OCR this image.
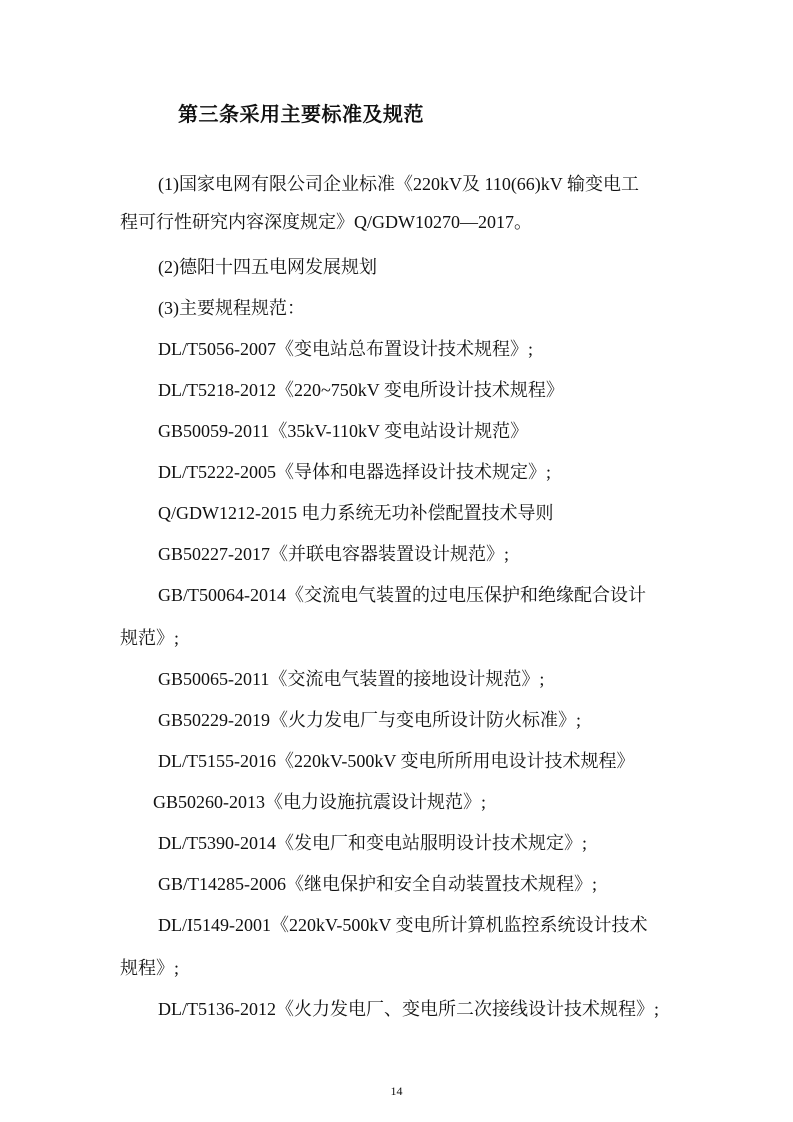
第三条采用主要标准及规范
(1)国家电网有限公司企业标准《220kV及 110(66)kV 输变电工
程可行性研究内容深度规定》Q/GDW10270—2017。
(2)德阳十四五电网发展规划
(3)主要规程规范：
DL/T5056-2007《变电站总布置设计技术规程》;
DL/T5218-2012《220~750kV 变电所设计技术规程》
GB50059-2011《35kV-110kV 变电站设计规范》
DL/T5222-2005《导体和电器选择设计技术规定》;
Q/GDW1212-2015 电力系统无功补偿配置技术导则
GB50227-2017《并联电容器装置设计规范》;
GB/T50064-2014《交流电气装置的过电压保护和绝缘配合设计
规范》;
GB50065-2011《交流电气装置的接地设计规范》;
GB50229-2019《火力发电厂与变电所设计防火标准》;
DL/T5155-2016《220kV-500kV 变电所所用电设计技术规程》
GB50260-2013《电力设施抗震设计规范》;
DL/T5390-2014《发电厂和变电站服明设计技术规定》;
GB/T14285-2006《继电保护和安全自动装置技术规程》;
DL/I5149-2001《220kV-500kV 变电所计算机监控系统设计技术
规程》;
DL/T5136-2012《火力发电厂、变电所二次接线设计技术规程》;
14
